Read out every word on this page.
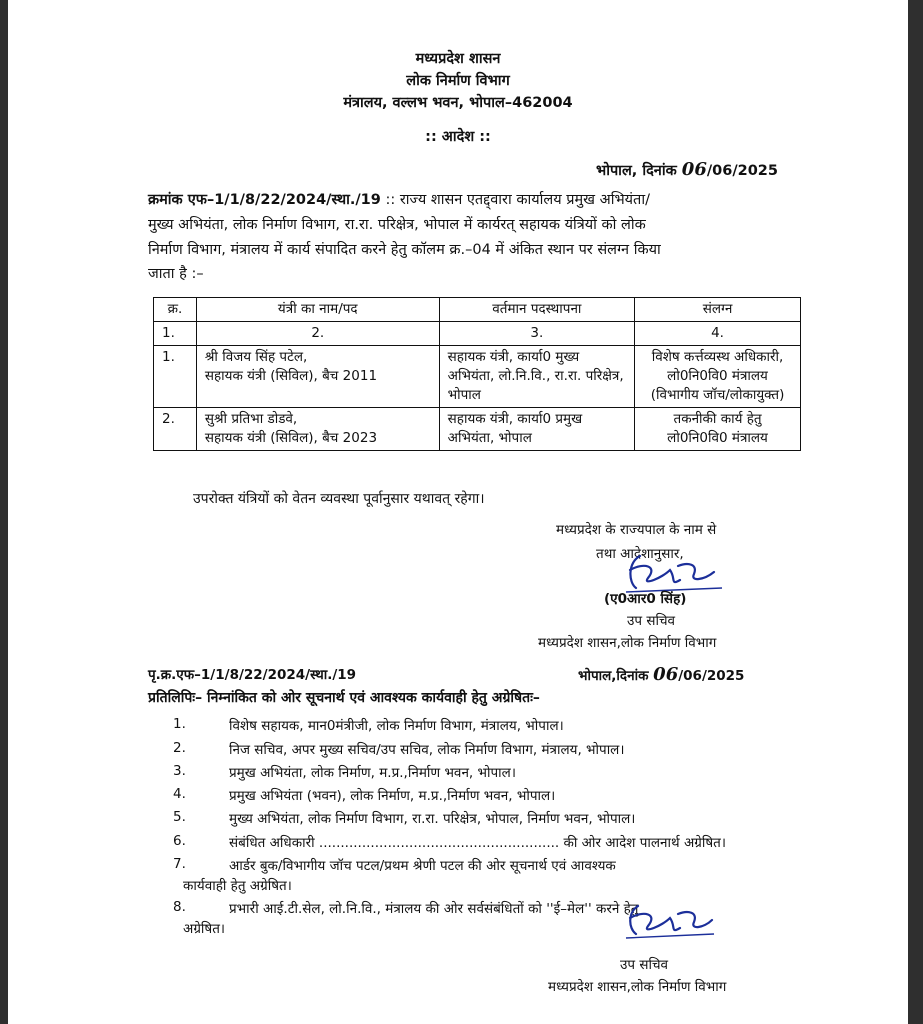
मध्यप्रदेश शासन
लोक निर्माण विभाग
मंत्रालय, वल्लभ भवन, भोपाल–462004
:: आदेश ::
भोपाल, दिनांक 06/06/2025
क्रमांक एफ–1/1/8/22/2024/स्था./19 :: राज्य शासन एतद्द्वारा कार्यालय प्रमुख अभियंता/
मुख्य अभियंता, लोक निर्माण विभाग, रा.रा. परिक्षेत्र, भोपाल में कार्यरत् सहायक यंत्रियों को लोक
निर्माण विभाग, मंत्रालय में कार्य संपादित करने हेतु कॉलम क्र.–04 में अंकित स्थान पर संलग्न किया
जाता है :–
क्र.	यंत्री का नाम/पद	वर्तमान पदस्थापना	संलग्न
1.	2.	3.	4.
1.	श्री विजय सिंह पटेल,
सहायक यंत्री (सिविल), बैच 2011	सहायक यंत्री, कार्या0 मुख्य अभियंता, लो.नि.वि., रा.रा. परिक्षेत्र, भोपाल	विशेष कर्त्तव्यस्थ अधिकारी, लो0नि0वि0 मंत्रालय (विभागीय जॉच/लोकायुक्त)
2.	सुश्री प्रतिभा डोडवे,
सहायक यंत्री (सिविल), बैच 2023	सहायक यंत्री, कार्या0 प्रमुख अभियंता, भोपाल	तकनीकी कार्य हेतु लो0नि0वि0 मंत्रालय
उपरोक्त यंत्रियों को वेतन व्यवस्था पूर्वानुसार यथावत् रहेगा।
मध्यप्रदेश के राज्यपाल के नाम से
तथा आदेशानुसार,
(ए0आर0 सिंह)
उप सचिव
मध्यप्रदेश शासन,लोक निर्माण विभाग
पृ.क्र.एफ–1/1/8/22/2024/स्था./19	भोपाल,दिनांक 06/06/2025
प्रतिलिपिः– निम्नांकित को ओर सूचनार्थ एवं आवश्यक कार्यवाही हेतु अग्रेषितः–
1.	विशेष सहायक, मान0मंत्रीजी, लोक निर्माण विभाग, मंत्रालय, भोपाल।
2.	निज सचिव, अपर मुख्य सचिव/उप सचिव, लोक निर्माण विभाग, मंत्रालय, भोपाल।
3.	प्रमुख अभियंता, लोक निर्माण, म.प्र.,निर्माण भवन, भोपाल।
4.	प्रमुख अभियंता (भवन), लोक निर्माण, म.प्र.,निर्माण भवन, भोपाल।
5.	मुख्य अभियंता, लोक निर्माण विभाग, रा.रा. परिक्षेत्र, भोपाल, निर्माण भवन, भोपाल।
6.	संबंधित अधिकारी ........................................................ की ओर आदेश पालनार्थ अग्रेषित।
7.	आर्डर बुक/विभागीय जॉच पटल/प्रथम श्रेणी पटल की ओर सूचनार्थ एवं आवश्यक
कार्यवाही हेतु अग्रेषित।
8.	प्रभारी आई.टी.सेल, लो.नि.वि., मंत्रालय की ओर सर्वसंबंधितों को ''ई–मेल'' करने हेतु
अग्रेषित।
उप सचिव
मध्यप्रदेश शासन,लोक निर्माण विभाग
